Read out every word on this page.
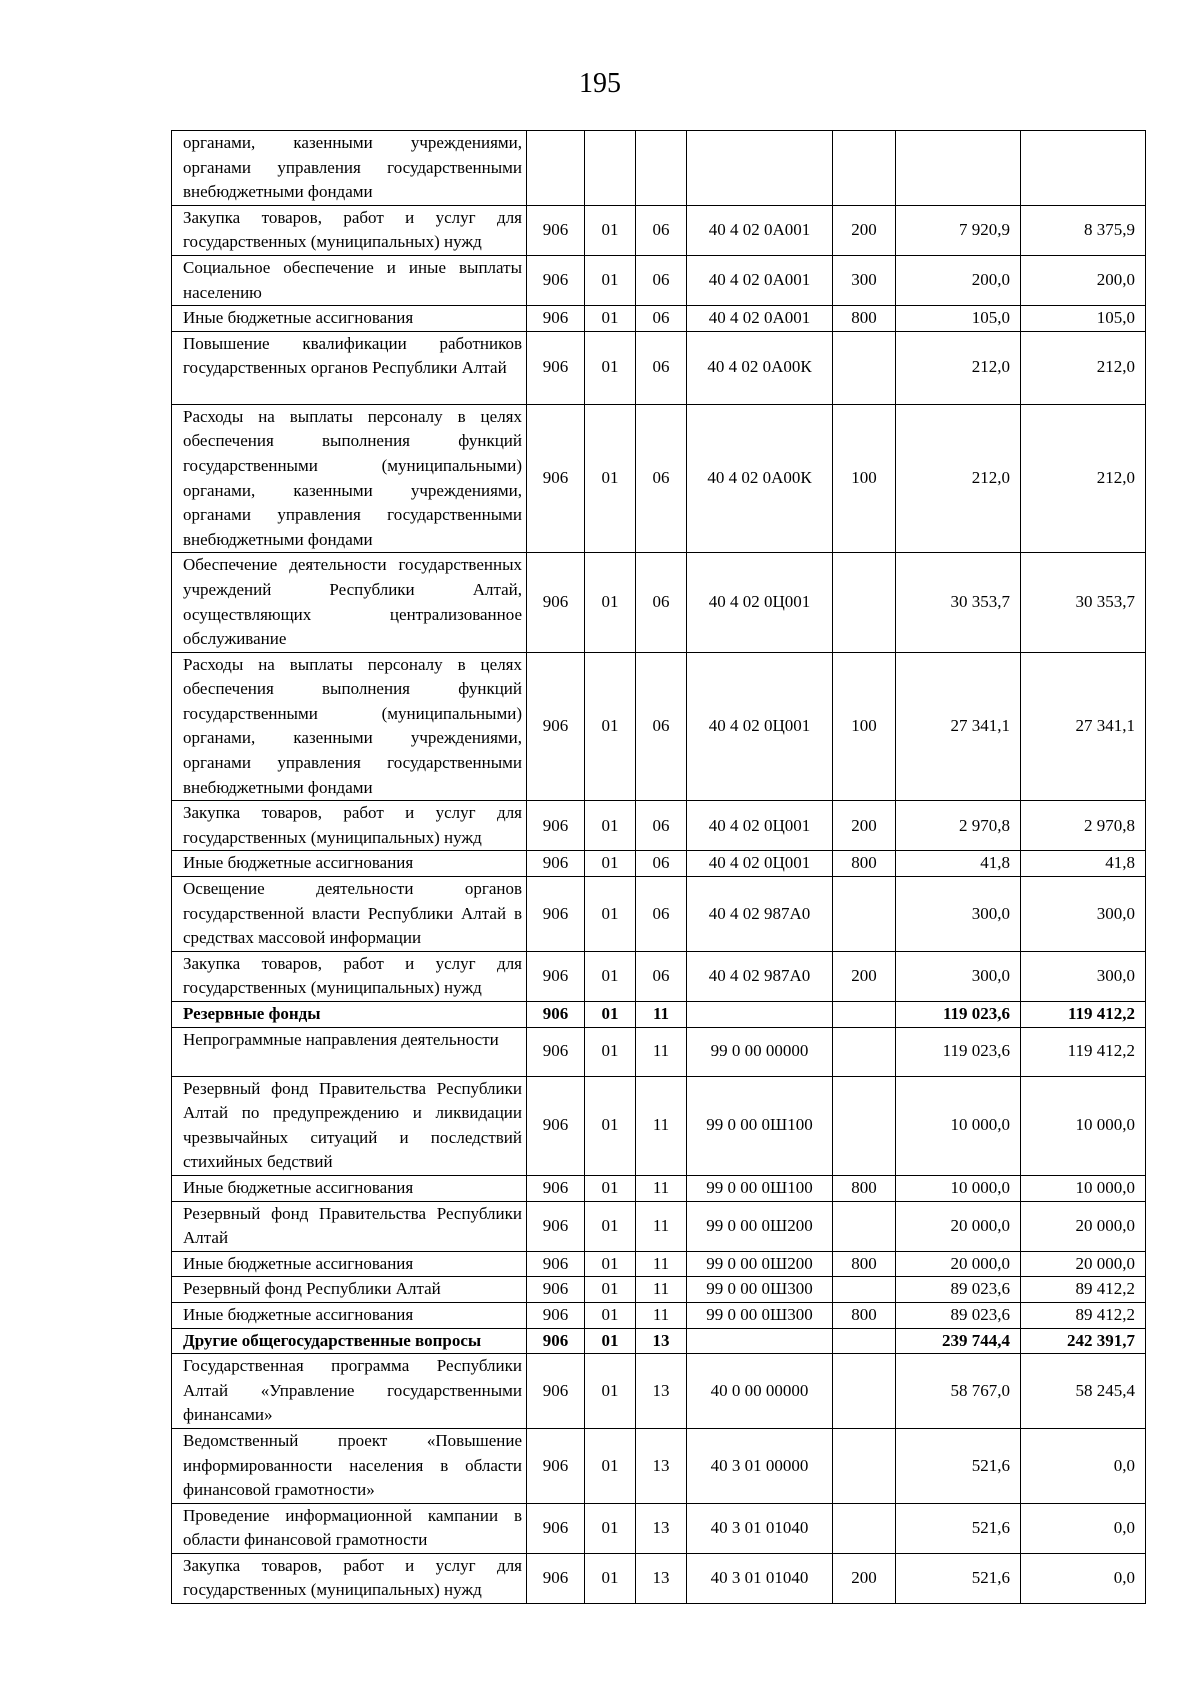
195
органами, казенными учреждениями, органами управления государственными внебюджетными фондами							
Закупка товаров, работ и услуг для государственных (муниципальных) нужд	906	01	06	40 4 02 0А001	200	7 920,9	8 375,9
Социальное обеспечение и иные выплаты населению	906	01	06	40 4 02 0А001	300	200,0	200,0
Иные бюджетные ассигнования	906	01	06	40 4 02 0А001	800	105,0	105,0
Повышение квалификации работников государственных органов Республики Алтай	906	01	06	40 4 02 0А00К		212,0	212,0
Расходы на выплаты персоналу в целях обеспечения выполнения функций государственными (муниципальными) органами, казенными учреждениями, органами управления государственными внебюджетными фондами	906	01	06	40 4 02 0А00К	100	212,0	212,0
Обеспечение деятельности государственных учреждений Республики Алтай, осуществляющих централизованное обслуживание	906	01	06	40 4 02 0Ц001		30 353,7	30 353,7
Расходы на выплаты персоналу в целях обеспечения выполнения функций государственными (муниципальными) органами, казенными учреждениями, органами управления государственными внебюджетными фондами	906	01	06	40 4 02 0Ц001	100	27 341,1	27 341,1
Закупка товаров, работ и услуг для государственных (муниципальных) нужд	906	01	06	40 4 02 0Ц001	200	2 970,8	2 970,8
Иные бюджетные ассигнования	906	01	06	40 4 02 0Ц001	800	41,8	41,8
Освещение деятельности органов государственной власти Республики Алтай в средствах массовой информации	906	01	06	40 4 02 987А0		300,0	300,0
Закупка товаров, работ и услуг для государственных (муниципальных) нужд	906	01	06	40 4 02 987А0	200	300,0	300,0
Резервные фонды	906	01	11			119 023,6	119 412,2
Непрограммные направления деятельности	906	01	11	99 0 00 00000		119 023,6	119 412,2
Резервный фонд Правительства Республики Алтай по предупреждению и ликвидации чрезвычайных ситуаций и последствий стихийных бедствий	906	01	11	99 0 00 0Ш100		10 000,0	10 000,0
Иные бюджетные ассигнования	906	01	11	99 0 00 0Ш100	800	10 000,0	10 000,0
Резервный фонд Правительства Республики Алтай	906	01	11	99 0 00 0Ш200		20 000,0	20 000,0
Иные бюджетные ассигнования	906	01	11	99 0 00 0Ш200	800	20 000,0	20 000,0
Резервный фонд Республики Алтай	906	01	11	99 0 00 0Ш300		89 023,6	89 412,2
Иные бюджетные ассигнования	906	01	11	99 0 00 0Ш300	800	89 023,6	89 412,2
Другие общегосударственные вопросы	906	01	13			239 744,4	242 391,7
Государственная программа Республики Алтай «Управление государственными финансами»	906	01	13	40 0 00 00000		58 767,0	58 245,4
Ведомственный проект «Повышение информированности населения в области финансовой грамотности»	906	01	13	40 3 01 00000		521,6	0,0
Проведение информационной кампании в области финансовой грамотности	906	01	13	40 3 01 01040		521,6	0,0
Закупка товаров, работ и услуг для государственных (муниципальных) нужд	906	01	13	40 3 01 01040	200	521,6	0,0
